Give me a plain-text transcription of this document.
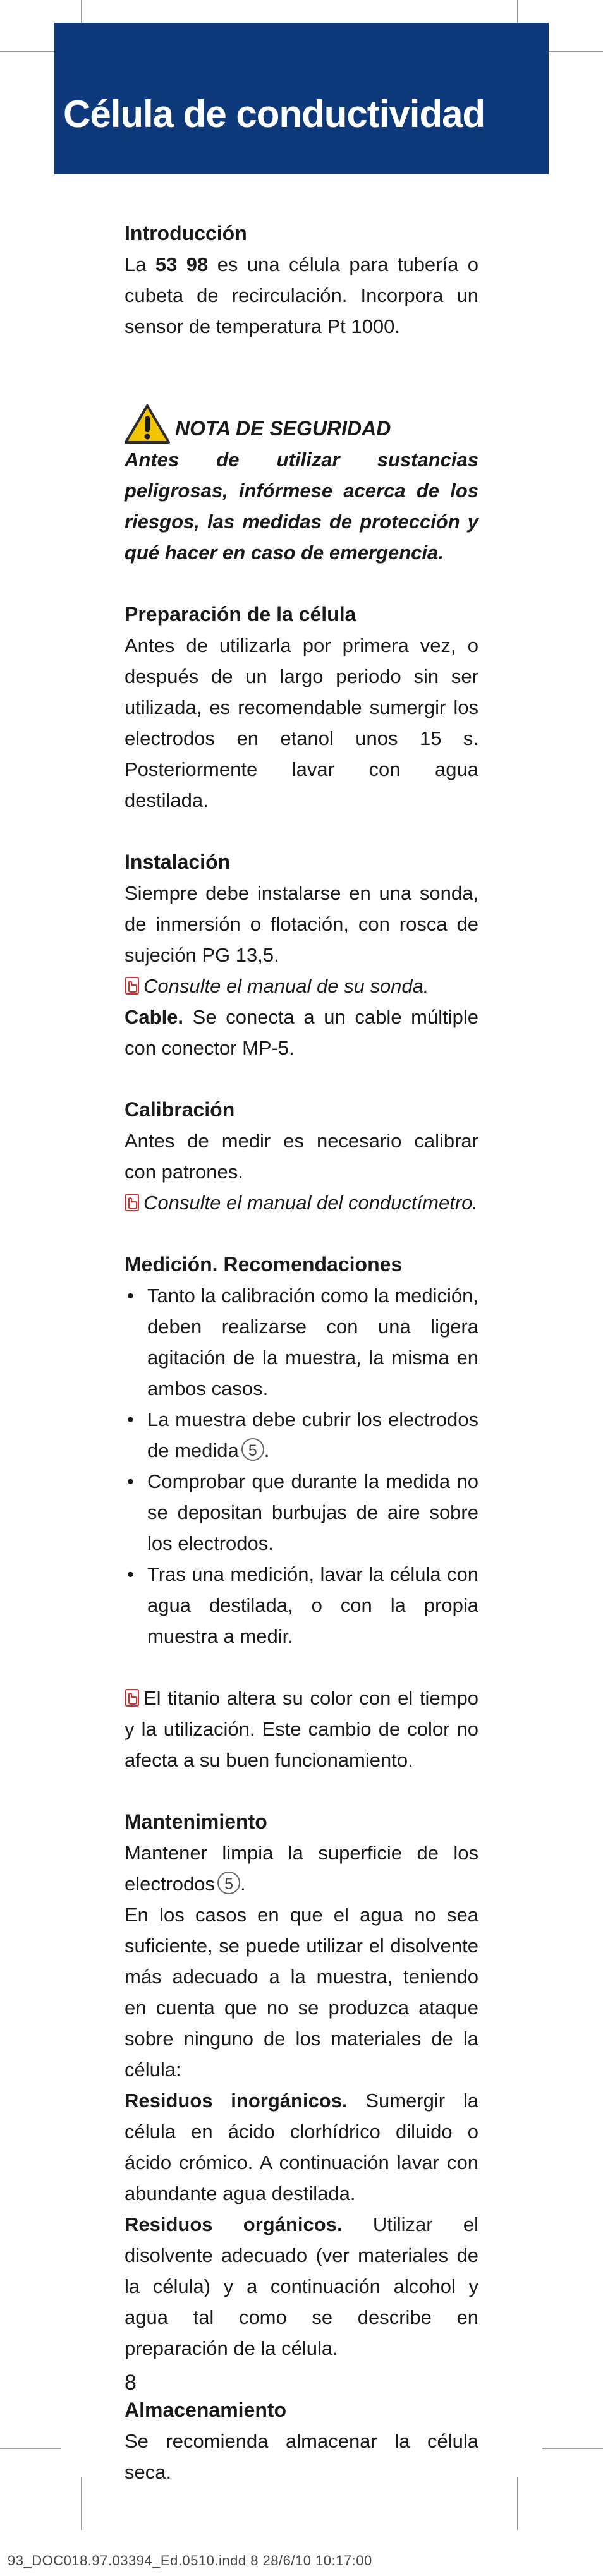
Célula de conductividad
Introducción

La 53 98 es una célula para tubería o cubeta de recirculación. Incorpora un sensor de temperatura Pt 1000.

NOTA DE SEGURIDAD
Antes de utilizar sustancias peligrosas, infórmese acerca de los riesgos, las medidas de protección y qué hacer en caso de emergencia.
Preparación de la célula

Antes de utilizarla por primera vez, o después de un largo periodo sin ser utilizada, es recomendable sumergir los electrodos en etanol unos 15 s. Posteriormente lavar con agua destilada.

Instalación

Siempre debe instalarse en una sonda, de inmersión o flotación, con rosca de sujeción PG 13,5.

Consulte el manual de su sonda.

Cable. Se conecta a un cable múltiple con conector MP-5.

Calibración

Antes de medir es necesario calibrar con patrones.

Consulte el manual del conductímetro.

Medición. Recomendaciones
• Tanto la calibración como la medición, deben realizarse con una ligera agitación de la muestra, la misma en ambos casos.
• La muestra debe cubrir los electrodos de medida 5 .
• Comprobar que durante la medida no se depositan burbujas de aire sobre los electrodos.
• Tras una medición, lavar la célula con agua destilada, o con la propia muestra a medir.

El titanio altera su color con el tiempo y la utilización. Este cambio de color no afecta a su buen funcionamiento.

Mantenimiento

Mantener limpia la superficie de los electrodos 5 .

En los casos en que el agua no sea suficiente, se puede utilizar el disolvente más adecuado a la muestra, teniendo en cuenta que no se produzca ataque sobre ninguno de los materiales de la célula:

Residuos inorgánicos. Sumergir la célula en ácido clorhídrico diluido o ácido crómico. A continuación lavar con abundante agua destilada.

Residuos orgánicos. Utilizar el disolvente adecuado (ver materiales de la célula) y a continuación alcohol y agua tal como se describe en preparación de la célula.

Almacenamiento

Se recomienda almacenar la célula seca.

8
93_DOC018.97.03394_Ed.0510.indd 8 28/6/10 10:17:00
